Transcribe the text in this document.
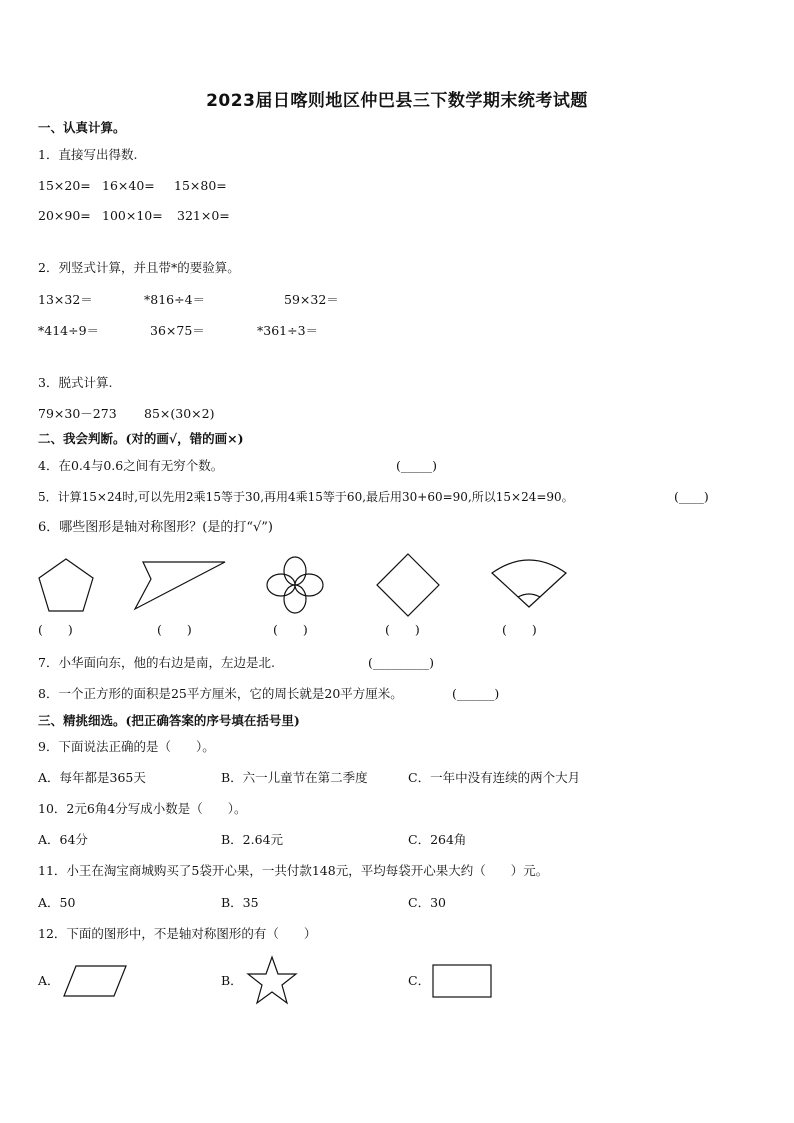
2023届日喀则地区仲巴县三下数学期末统考试题
一、认真计算。
1．直接写出得数.
15×20= 16×40= 15×80=
20×90= 100×10= 321×0=
2．列竖式计算，并且带*的要验算。
13×32＝	*816÷4＝	59×32＝
*414÷9＝	36×75＝	*361÷3＝
3．脱式计算.
79×30－273 85×(30×2)
二、我会判断。(对的画√，错的画×)
4．在0.4与0.6之间有无穷个数。	(_____)
5．计算15×24时,可以先用2乘15等于30,再用4乘15等于60,最后用30+60=90,所以15×24=90。	(____)
6．哪些图形是轴对称图形？(是的打“√”)
(　　)	(　　)	(　　)	(　　)	(　　)
7．小华面向东，他的右边是南，左边是北.	(_________)
8．一个正方形的面积是25平方厘米，它的周长就是20平方厘米。	(______)
三、精挑细选。(把正确答案的序号填在括号里)
9．下面说法正确的是（　　）。
A．每年都是365天	B．六一儿童节在第二季度	C．一年中没有连续的两个大月
10．2元6角4分写成小数是（　　）。
A．64分	B．2.64元	C．264角
11．小王在淘宝商城购买了5袋开心果，一共付款148元，平均每袋开心果大约（　　）元。
A．50	B．35	C．30
12．下面的图形中，不是轴对称图形的有（　　）
A．	B．	C．
